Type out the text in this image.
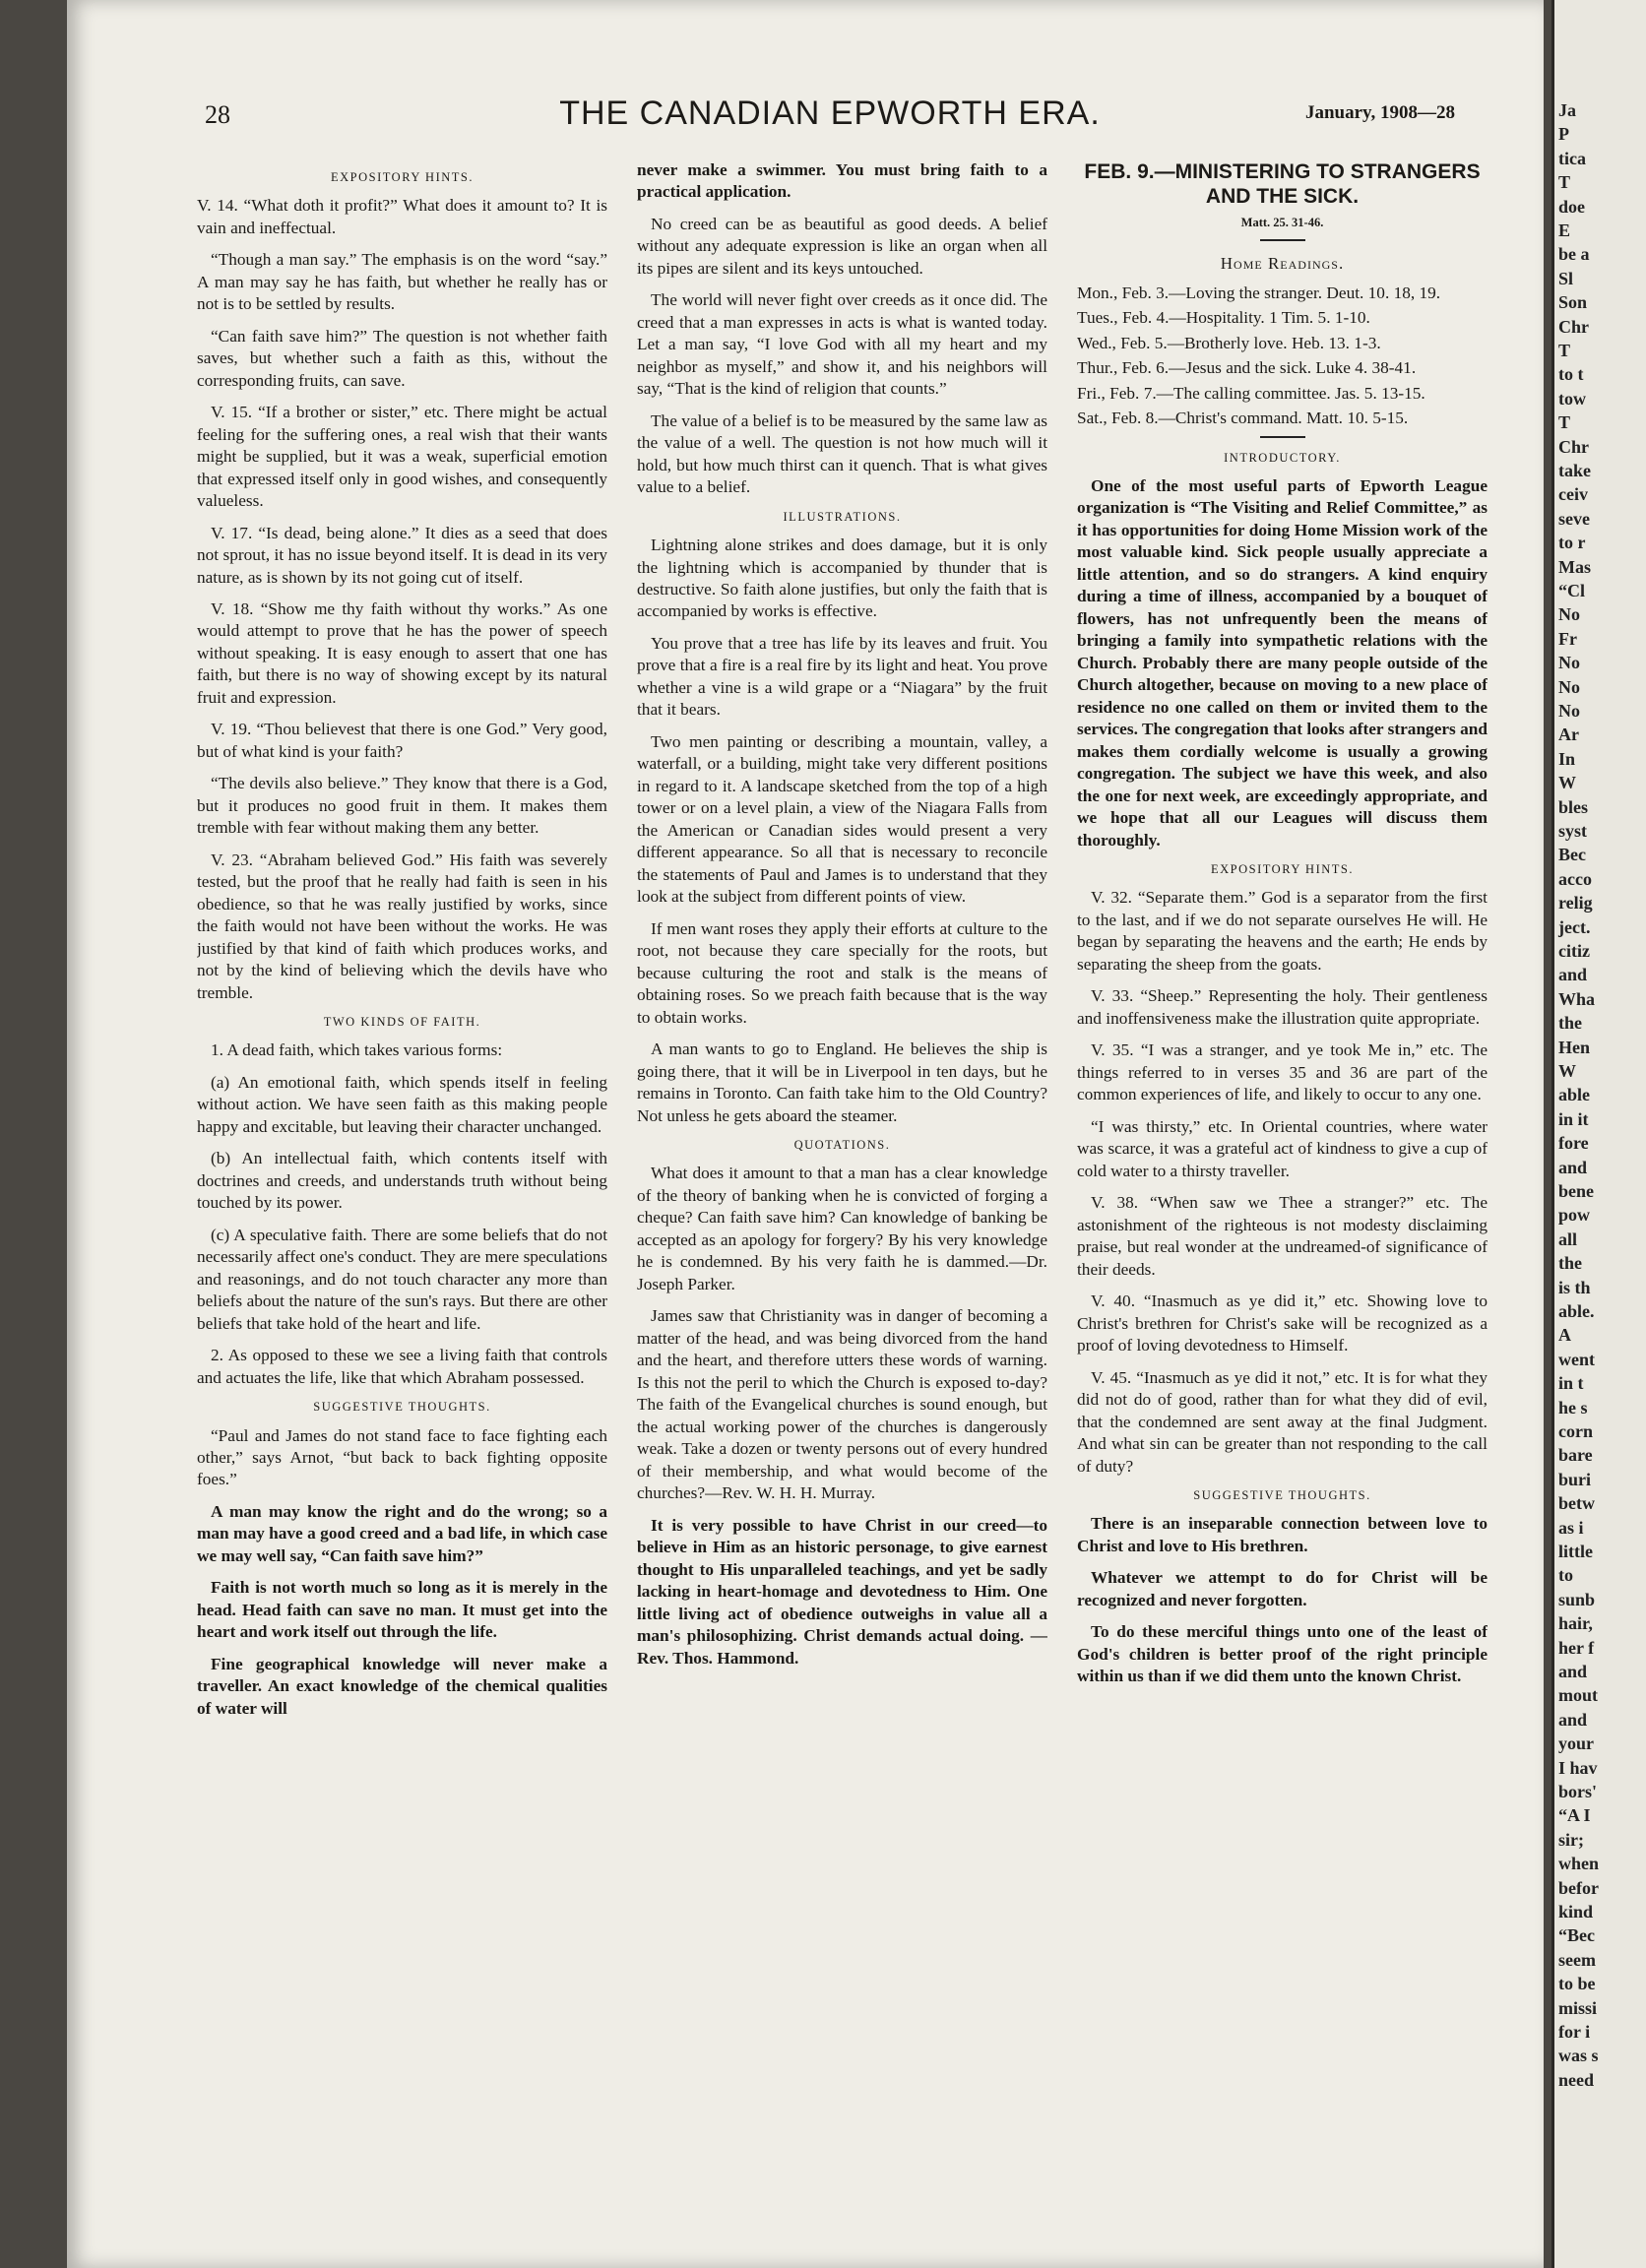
28	THE CANADIAN EPWORTH ERA.	January, 1908—28
EXPOSITORY HINTS.

V. 14. “What doth it profit?” What does it amount to? It is vain and ineffectual.

“Though a man say.” The emphasis is on the word “say.” A man may say he has faith, but whether he really has or not is to be settled by results.

“Can faith save him?” The question is not whether faith saves, but whether such a faith as this, without the corresponding fruits, can save.

V. 15. “If a brother or sister,” etc. There might be actual feeling for the suffering ones, a real wish that their wants might be supplied, but it was a weak, superficial emotion that expressed itself only in good wishes, and consequently valueless.

V. 17. “Is dead, being alone.” It dies as a seed that does not sprout, it has no issue beyond itself. It is dead in its very nature, as is shown by its not going cut of itself.

V. 18. “Show me thy faith without thy works.” As one would attempt to prove that he has the power of speech without speaking. It is easy enough to assert that one has faith, but there is no way of showing except by its natural fruit and expression.

V. 19. “Thou believest that there is one God.” Very good, but of what kind is your faith?

“The devils also believe.” They know that there is a God, but it produces no good fruit in them. It makes them tremble with fear without making them any better.

V. 23. “Abraham believed God.” His faith was severely tested, but the proof that he really had faith is seen in his obedience, so that he was really justified by works, since the faith would not have been without the works. He was justified by that kind of faith which produces works, and not by the kind of believing which the devils have who tremble.

TWO KINDS OF FAITH.

1. A dead faith, which takes various forms:

(a) An emotional faith, which spends itself in feeling without action. We have seen faith as this making people happy and excitable, but leaving their character unchanged.

(b) An intellectual faith, which contents itself with doctrines and creeds, and understands truth without being touched by its power.

(c) A speculative faith. There are some beliefs that do not necessarily affect one's conduct. They are mere speculations and reasonings, and do not touch character any more than beliefs about the nature of the sun's rays. But there are other beliefs that take hold of the heart and life.

2. As opposed to these we see a living faith that controls and actuates the life, like that which Abraham possessed.

SUGGESTIVE THOUGHTS.

“Paul and James do not stand face to face fighting each other,” says Arnot, “but back to back fighting opposite foes.”

A man may know the right and do the wrong; so a man may have a good creed and a bad life, in which case we may well say, “Can faith save him?”

Faith is not worth much so long as it is merely in the head. Head faith can save no man. It must get into the heart and work itself out through the life.

Fine geographical knowledge will never make a traveller. An exact knowledge of the chemical qualities of water will

never make a swimmer. You must bring faith to a practical application.

No creed can be as beautiful as good deeds. A belief without any adequate expression is like an organ when all its pipes are silent and its keys untouched.

The world will never fight over creeds as it once did. The creed that a man expresses in acts is what is wanted today. Let a man say, “I love God with all my heart and my neighbor as myself,” and show it, and his neighbors will say, “That is the kind of religion that counts.”

The value of a belief is to be measured by the same law as the value of a well. The question is not how much will it hold, but how much thirst can it quench. That is what gives value to a belief.

ILLUSTRATIONS.

Lightning alone strikes and does damage, but it is only the lightning which is accompanied by thunder that is destructive. So faith alone justifies, but only the faith that is accompanied by works is effective.

You prove that a tree has life by its leaves and fruit. You prove that a fire is a real fire by its light and heat. You prove whether a vine is a wild grape or a “Niagara” by the fruit that it bears.

Two men painting or describing a mountain, valley, a waterfall, or a building, might take very different positions in regard to it. A landscape sketched from the top of a high tower or on a level plain, a view of the Niagara Falls from the American or Canadian sides would present a very different appearance. So all that is necessary to reconcile the statements of Paul and James is to understand that they look at the subject from different points of view.

If men want roses they apply their efforts at culture to the root, not because they care specially for the roots, but because culturing the root and stalk is the means of obtaining roses. So we preach faith because that is the way to obtain works.

A man wants to go to England. He believes the ship is going there, that it will be in Liverpool in ten days, but he remains in Toronto. Can faith take him to the Old Country? Not unless he gets aboard the steamer.

QUOTATIONS.

What does it amount to that a man has a clear knowledge of the theory of banking when he is convicted of forging a cheque? Can faith save him? Can knowledge of banking be accepted as an apology for forgery? By his very knowledge he is condemned. By his very faith he is dammed.—Dr. Joseph Parker.

James saw that Christianity was in danger of becoming a matter of the head, and was being divorced from the hand and the heart, and therefore utters these words of warning. Is this not the peril to which the Church is exposed to-day? The faith of the Evangelical churches is sound enough, but the actual working power of the churches is dangerously weak. Take a dozen or twenty persons out of every hundred of their membership, and what would become of the churches?—Rev. W. H. H. Murray.

It is very possible to have Christ in our creed—to believe in Him as an historic personage, to give earnest thought to His unparalleled teachings, and yet be sadly lacking in heart-homage and devotedness to Him. One little living act of obedience outweighs in value all a man's philosophizing. Christ demands actual doing. —Rev. Thos. Hammond.

FEB. 9.—MINISTERING TO STRANGERS AND THE SICK.
Matt. 25. 31-46.
Home Readings.
Mon., Feb. 3.—Loving the stranger. Deut. 10. 18, 19.
Tues., Feb. 4.—Hospitality. 1 Tim. 5. 1-10.
Wed., Feb. 5.—Brotherly love. Heb. 13. 1-3.
Thur., Feb. 6.—Jesus and the sick. Luke 4. 38-41.
Fri., Feb. 7.—The calling committee. Jas. 5. 13-15.
Sat., Feb. 8.—Christ's command. Matt. 10. 5-15.
INTRODUCTORY.

One of the most useful parts of Epworth League organization is “The Visiting and Relief Committee,” as it has opportunities for doing Home Mission work of the most valuable kind. Sick people usually appreciate a little attention, and so do strangers. A kind enquiry during a time of illness, accompanied by a bouquet of flowers, has not unfrequently been the means of bringing a family into sympathetic relations with the Church. Probably there are many people outside of the Church altogether, because on moving to a new place of residence no one called on them or invited them to the services. The congregation that looks after strangers and makes them cordially welcome is usually a growing congregation. The subject we have this week, and also the one for next week, are exceedingly appropriate, and we hope that all our Leagues will discuss them thoroughly.

EXPOSITORY HINTS.

V. 32. “Separate them.” God is a separator from the first to the last, and if we do not separate ourselves He will. He began by separating the heavens and the earth; He ends by separating the sheep from the goats.

V. 33. “Sheep.” Representing the holy. Their gentleness and inoffensiveness make the illustration quite appropriate.

V. 35. “I was a stranger, and ye took Me in,” etc. The things referred to in verses 35 and 36 are part of the common experiences of life, and likely to occur to any one.

“I was thirsty,” etc. In Oriental countries, where water was scarce, it was a grateful act of kindness to give a cup of cold water to a thirsty traveller.

V. 38. “When saw we Thee a stranger?” etc. The astonishment of the righteous is not modesty disclaiming praise, but real wonder at the undreamed-of significance of their deeds.

V. 40. “Inasmuch as ye did it,” etc. Showing love to Christ's brethren for Christ's sake will be recognized as a proof of loving devotedness to Himself.

V. 45. “Inasmuch as ye did it not,” etc. It is for what they did not do of good, rather than for what they did of evil, that the condemned are sent away at the final Judgment. And what sin can be greater than not responding to the call of duty?

SUGGESTIVE THOUGHTS.

There is an inseparable connection between love to Christ and love to His brethren.

Whatever we attempt to do for Christ will be recognized and never forgotten.

To do these merciful things unto one of the least of God's children is better proof of the right principle within us than if we did them unto the known Christ.

Ja
P
tica
T
doe
E
be a
Sl
Son
Chr
T
to t
tow
T
Chr
take
ceiv
seve
to r
Mas
“Cl
No
Fr
No
No
No
Ar
In
W
bles
syst
Bec
acco
relig
ject.
citiz
and
Wha
the
Hen
W
able
in it
fore
and
bene
pow
all
the
is th
able.
A
went
in t
he s
corn
bare
buri
betw
as i
little
to
sunb
hair,
her f
and
mout
and
your
I hav
bors'
“A I
sir;
when
befor
kind
“Bec
seem
to be
missi
for i
was s
need
